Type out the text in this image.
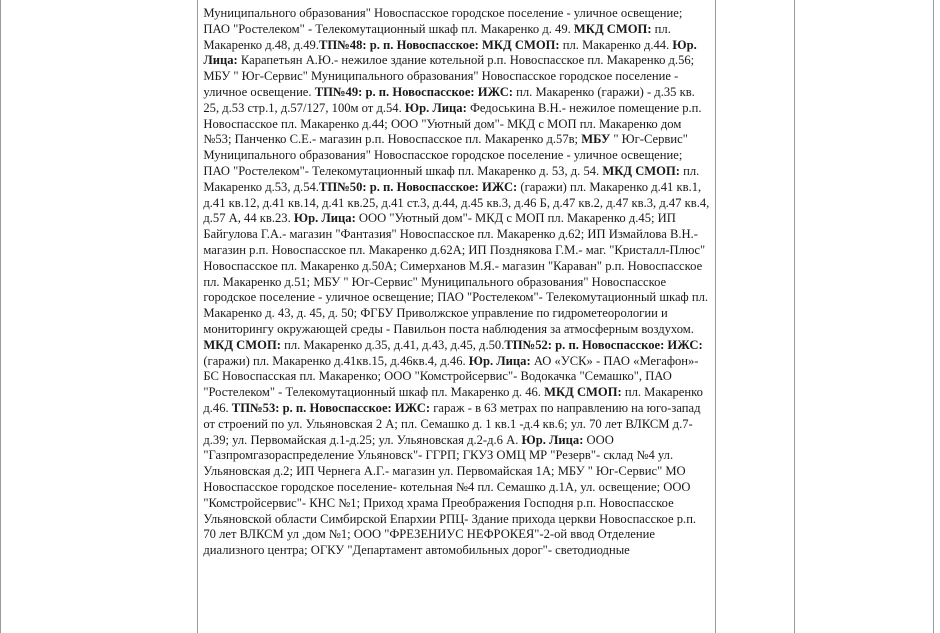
Муниципального образования" Новоспасское городское поселение - уличное освещение; ПАО "Ростелеком" - Телекомутационный шкаф пл. Макаренко д. 49. МКД СМОП: пл. Макаренко д.48, д.49.ТП№48: р. п. Новоспасское: МКД СМОП: пл. Макаренко д.44. Юр. Лица: Карапетьян А.Ю.- нежилое здание котельной р.п. Новоспасское пл. Макаренко д.56; МБУ " Юг-Сервис" Муниципального образования" Новоспасское городское поселение - уличное освещение. ТП№49: р. п. Новоспасское: ИЖС: пл. Макаренко (гаражи) - д.35 кв. 25, д.53 стр.1, д.57/127, 100м от д.54. Юр. Лица: Федоськина В.Н.- нежилое помещение р.п. Новоспасское пл. Макаренко д.44; ООО "Уютный дом"- МКД с МОП пл. Макаренко дом №53; Панченко С.Е.- магазин р.п. Новоспасское пл. Макаренко д.57в; МБУ " Юг-Сервис" Муниципального образования" Новоспасское городское поселение - уличное освещение; ПАО "Ростелеком"- Телекомутационный шкаф пл. Макаренко д. 53, д. 54. МКД СМОП: пл. Макаренко д.53, д.54.ТП№50: р. п. Новоспасское: ИЖС: (гаражи) пл. Макаренко д.41 кв.1, д.41 кв.12, д.41 кв.14, д.41 кв.25, д.41 ст.3, д.44, д.45 кв.3, д.46 Б, д.47 кв.2, д.47 кв.3, д.47 кв.4, д.57 А, 44 кв.23. Юр. Лица: ООО "Уютный дом"- МКД с МОП пл. Макаренко д.45; ИП Байгулова Г.А.- магазин "Фантазия" Новоспасское пл. Макаренко д.62; ИП Измайлова В.Н.- магазин р.п. Новоспасское пл. Макаренко д.62А; ИП Позднякова Г.М.- маг. "Кристалл-Плюс" Новоспасское пл. Макаренко д.50А; Симерханов М.Я.- магазин "Караван" р.п. Новоспасское пл. Макаренко д.51; МБУ " Юг-Сервис" Муниципального образования" Новоспасское городское поселение - уличное освещение; ПАО "Ростелеком"- Телекомутационный шкаф пл. Макаренко д. 43, д. 45, д. 50; ФГБУ Приволжское управление по гидрометеорологии и мониторингу окружающей среды - Павильон поста наблюдения за атмосферным воздухом. МКД СМОП: пл. Макаренко д.35, д.41, д.43, д.45, д.50.ТП№52: р. п. Новоспасское: ИЖС: (гаражи) пл. Макаренко д.41кв.15, д.46кв.4, д.46. Юр. Лица: АО «УСК» - ПАО «Мегафон»- БС Новоспасская пл. Макаренко; ООО "Комстройсервис"- Водокачка "Семашко", ПАО "Ростелеком" - Телекомутационный шкаф пл. Макаренко д. 46. МКД СМОП: пл. Макаренко д.46. ТП№53: р. п. Новоспасское: ИЖС: гараж - в 63 метрах по направлению на юго-запад от строений по ул. Ульяновская 2 А; пл. Семашко д. 1 кв.1 -д.4 кв.6; ул. 70 лет ВЛКСМ д.7-д.39; ул. Первомайская д.1-д.25; ул. Ульяновская д.2-д.6 А. Юр. Лица: ООО "Газпромгазораспределение Ульяновск"- ГГРП; ГКУЗ ОМЦ МР "Резерв"- склад №4 ул. Ульяновская д.2; ИП Чернега А.Г.- магазин ул. Первомайская 1А; МБУ " Юг-Сервис" МО Новоспасское городское поселение- котельная №4 пл. Семашко д.1А, ул. освещение; ООО "Комстройсервис"- КНС №1; Приход храма Преображения Господня р.п. Новоспасское Ульяновской области Симбирской Епархии РПЦ- Здание прихода церкви Новоспасское р.п. 70 лет ВЛКСМ ул ,дом №1; ООО "ФРЕЗЕНИУС НЕФРОКЕЯ"-2-ой ввод Отделение диализного центра; ОГКУ "Департамент автомобильных дорог"- светодиодные
